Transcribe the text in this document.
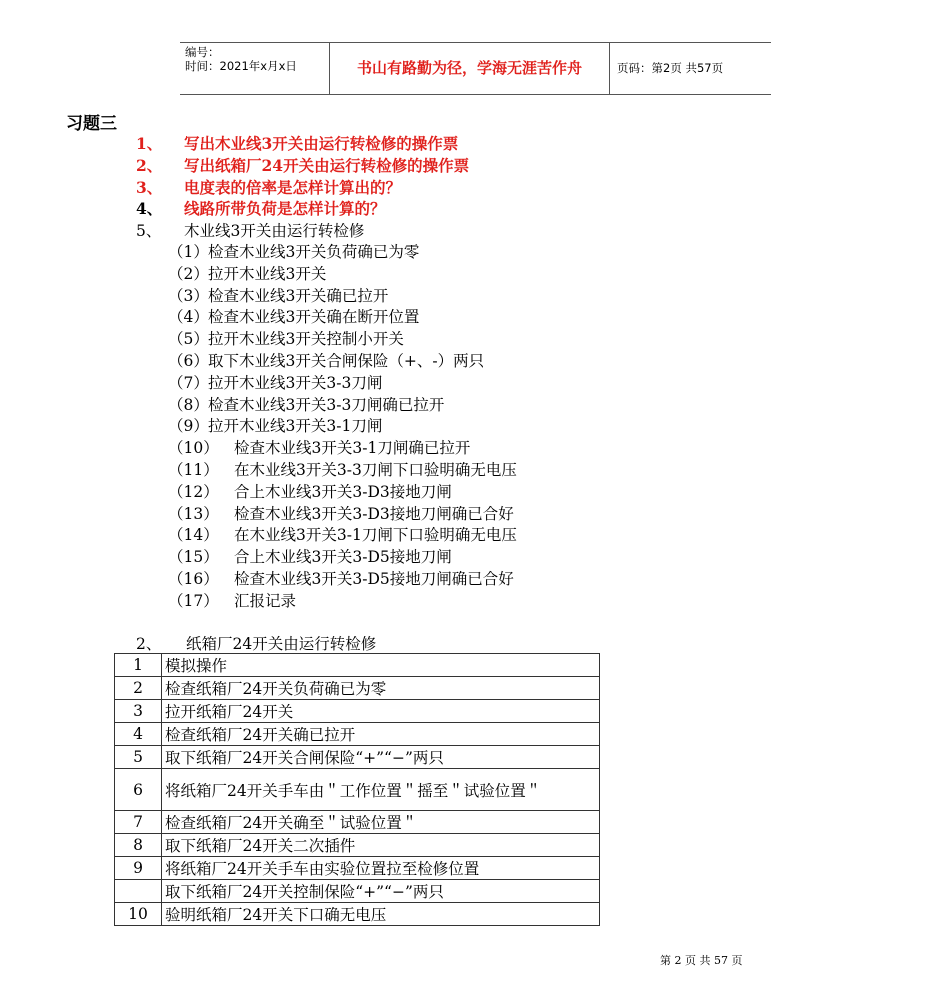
编号：
时间：2021年x月x日	书山有路勤为径，学海无涯苦作舟	页码：第2页 共57页
习题三
1、 写出木业线3开关由运行转检修的操作票
2、 写出纸箱厂24开关由运行转检修的操作票
3、 电度表的倍率是怎样计算出的？
4、 线路所带负荷是怎样计算的？
5、 木业线3开关由运行转检修
（1） 检查木业线3开关负荷确已为零
（2） 拉开木业线3开关
（3） 检查木业线3开关确已拉开
（4） 检查木业线3开关确在断开位置
（5） 拉开木业线3开关控制小开关
（6） 取下木业线3开关合闸保险（+、-）两只
（7） 拉开木业线3开关3-3刀闸
（8） 检查木业线3开关3-3刀闸确已拉开
（9） 拉开木业线3开关3-1刀闸
（10） 检查木业线3开关3-1刀闸确已拉开
（11） 在木业线3开关3-3刀闸下口验明确无电压
（12） 合上木业线3开关3-D3接地刀闸
（13） 检查木业线3开关3-D3接地刀闸确已合好
（14） 在木业线3开关3-1刀闸下口验明确无电压
（15） 合上木业线3开关3-D5接地刀闸
（16） 检查木业线3开关3-D5接地刀闸确已合好
（17） 汇报记录
2、 纸箱厂24开关由运行转检修
1	模拟操作
2	检查纸箱厂24开关负荷确已为零
3	拉开纸箱厂24开关
4	检查纸箱厂24开关确已拉开
5	取下纸箱厂24开关合闸保险“+”“−”两只
6	将纸箱厂24开关手车由＂工作位置＂摇至＂试验位置＂
7	检查纸箱厂24开关确至＂试验位置＂
8	取下纸箱厂24开关二次插件
9	将纸箱厂24开关手车由实验位置拉至检修位置
	取下纸箱厂24开关控制保险“+”“−”两只
10	验明纸箱厂24开关下口确无电压
第 2 页 共 57 页
